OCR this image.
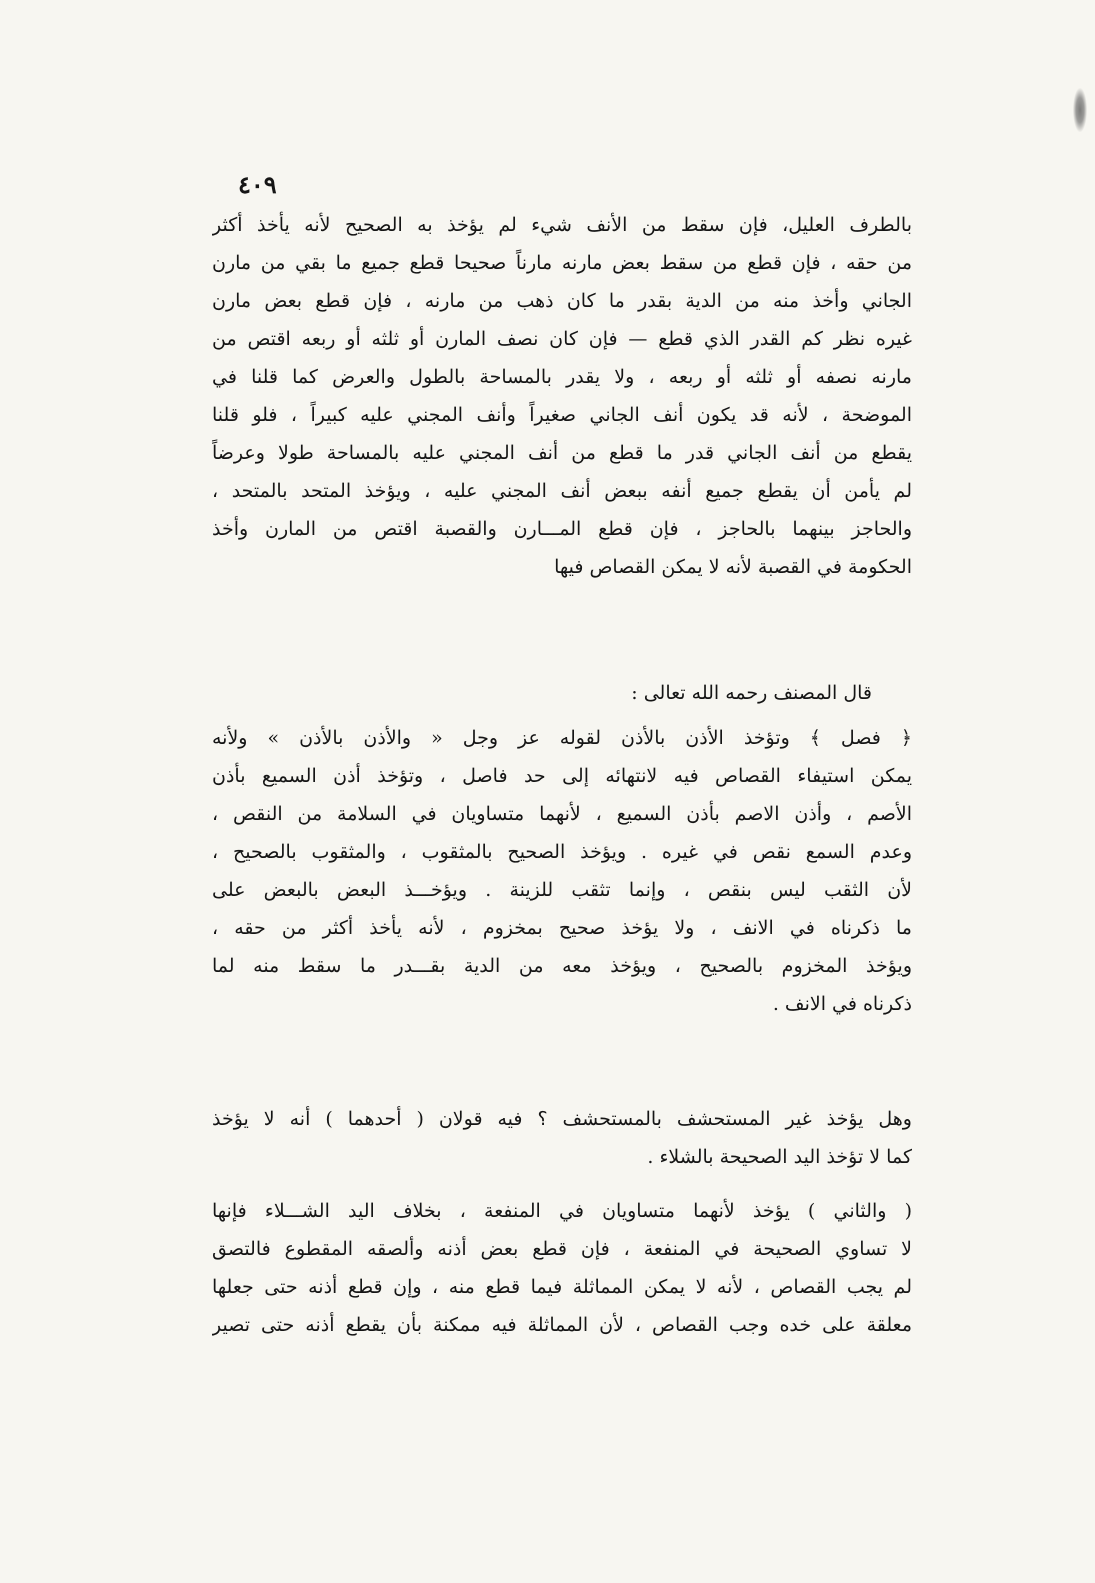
٤٠٩
بالطرف العليل، فإن سقط من الأنف شيء لم يؤخذ به الصحيح لأنه يأخذ أكثر
من حقه ، فإن قطع من سقط بعض مارنه مارناً صحيحا قطع جميع ما بقي من مارن
الجاني وأخذ منه من الدية بقدر ما كان ذهب من مارنه ، فإن قطع بعض مارن
غيره نظر كم القدر الذي قطع — فإن كان نصف المارن أو ثلثه أو ربعه اقتص من
مارنه نصفه أو ثلثه أو ربعه ، ولا يقدر بالمساحة بالطول والعرض كما قلنا في
الموضحة ، لأنه قد يكون أنف الجاني صغيراً وأنف المجني عليه كبيراً ، فلو قلنا
يقطع من أنف الجاني قدر ما قطع من أنف المجني عليه بالمساحة طولا وعرضاً
لم يأمن أن يقطع جميع أنفه ببعض أنف المجني عليه ، ويؤخذ المتحد بالمتحد ،
والحاجز بينهما بالحاجز ، فإن قطع المـــارن والقصبة اقتص من المارن وأخذ
الحكومة في القصبة لأنه لا يمكن القصاص فيها
قال المصنف رحمه الله تعالى :
﴿ فصل ﴾ وتؤخذ الأذن بالأذن لقوله عز وجل « والأذن بالأذن » ولأنه
يمكن استيفاء القصاص فيه لانتهائه إلى حد فاصل ، وتؤخذ أذن السميع بأذن
الأصم ، وأذن الاصم بأذن السميع ، لأنهما متساويان في السلامة من النقص ،
وعدم السمع نقص في غيره . ويؤخذ الصحيح بالمثقوب ، والمثقوب بالصحيح ،
لأن الثقب ليس بنقص ، وإنما تثقب للزينة . ويؤخـــذ البعض بالبعض على
ما ذكرناه في الانف ، ولا يؤخذ صحيح بمخزوم ، لأنه يأخذ أكثر من حقه ،
ويؤخذ المخزوم بالصحيح ، ويؤخذ معه من الدية بقـــدر ما سقط منه لما
ذكرناه في الانف .
وهل يؤخذ غير المستحشف بالمستحشف ؟ فيه قولان ( أحدهما ) أنه لا يؤخذ
كما لا تؤخذ اليد الصحيحة بالشلاء .
( والثاني ) يؤخذ لأنهما متساويان في المنفعة ، بخلاف اليد الشـــلاء فإنها
لا تساوي الصحيحة في المنفعة ، فإن قطع بعض أذنه وألصقه المقطوع فالتصق
لم يجب القصاص ، لأنه لا يمكن المماثلة فيما قطع منه ، وإن قطع أذنه حتى جعلها
معلقة على خده وجب القصاص ، لأن المماثلة فيه ممكنة بأن يقطع أذنه حتى تصير
